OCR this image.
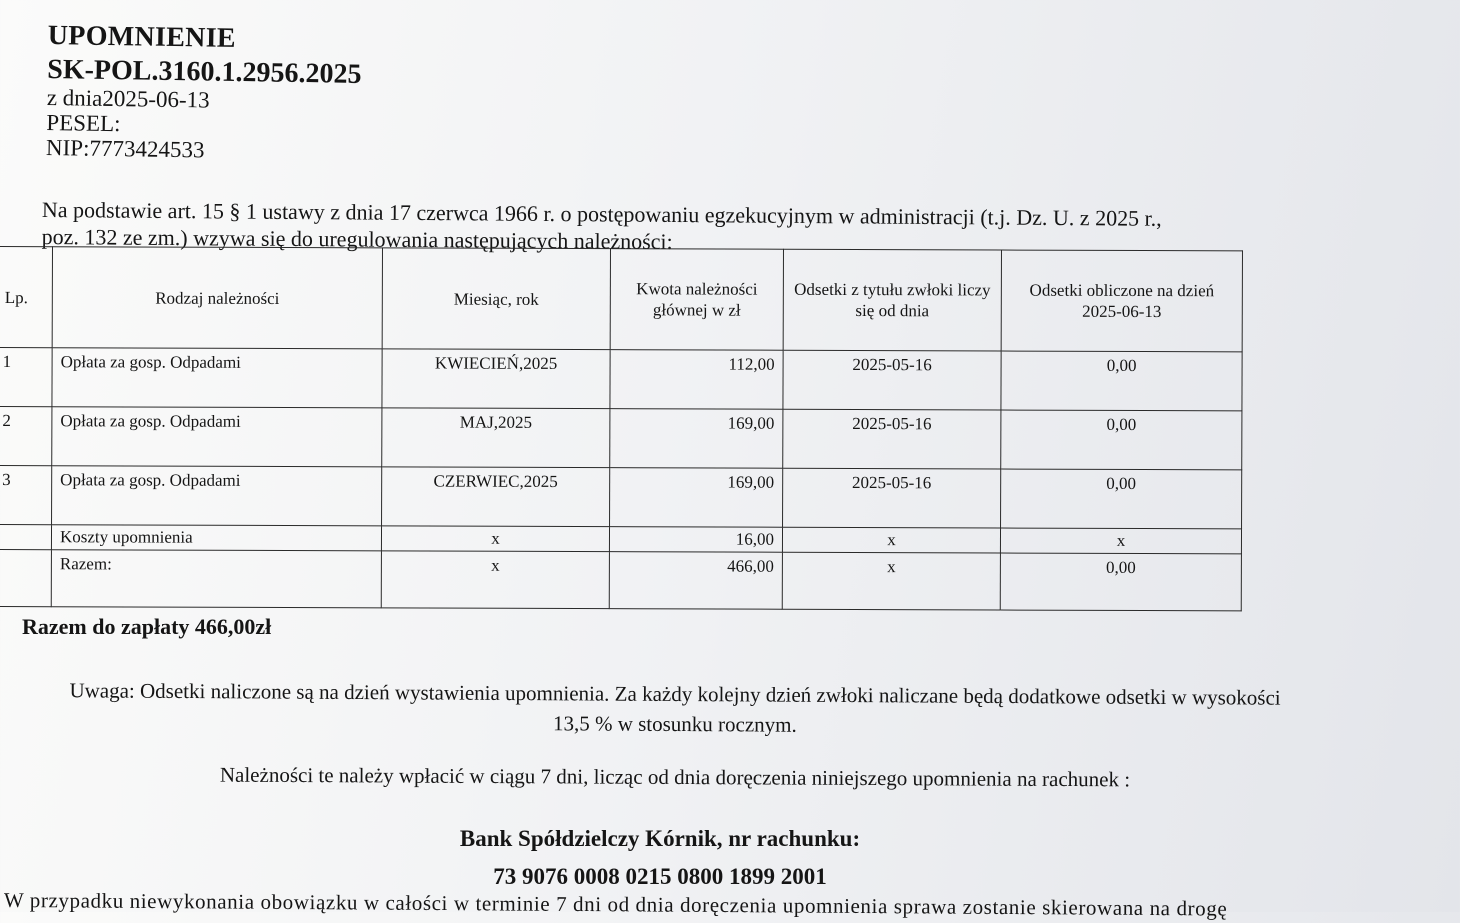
UPOMNIENIE
SK-POL.3160.1.2956.2025
z dnia2025-06-13
PESEL:
NIP:7773424533
Na podstawie art. 15 § 1 ustawy z dnia 17 czerwca 1966 r. o postępowaniu egzekucyjnym w administracji (t.j. Dz. U. z 2025 r.,
poz. 132 ze zm.) wzywa się do uregulowania następujących należności:
Lp.	Rodzaj należności	Miesiąc, rok	Kwota należności głównej w zł	Odsetki z tytułu zwłoki liczy się od dnia	Odsetki obliczone na dzień
2025-06-13

1	Opłata za gosp. Odpadami	KWIECIEŃ,2025	112,00	2025-05-16	0,00
2	Opłata za gosp. Odpadami	MAJ,2025	169,00	2025-05-16	0,00
3	Opłata za gosp. Odpadami	CZERWIEC,2025	169,00	2025-05-16	0,00
	Koszty upomnienia	x	16,00	x	x
	Razem:	x	466,00	x	0,00
Razem do zapłaty 466,00zł
Uwaga: Odsetki naliczone są na dzień wystawienia upomnienia. Za każdy kolejny dzień zwłoki naliczane będą dodatkowe odsetki w wysokości
13,5 % w stosunku rocznym.
Należności te należy wpłacić w ciągu 7 dni, licząc od dnia doręczenia niniejszego upomnienia na rachunek :
Bank Spółdzielczy Kórnik, nr rachunku:
73 9076 0008 0215 0800 1899 2001
W przypadku niewykonania obowiązku w całości w terminie 7 dni od dnia doręczenia upomnienia sprawa zostanie skierowana na drogę
